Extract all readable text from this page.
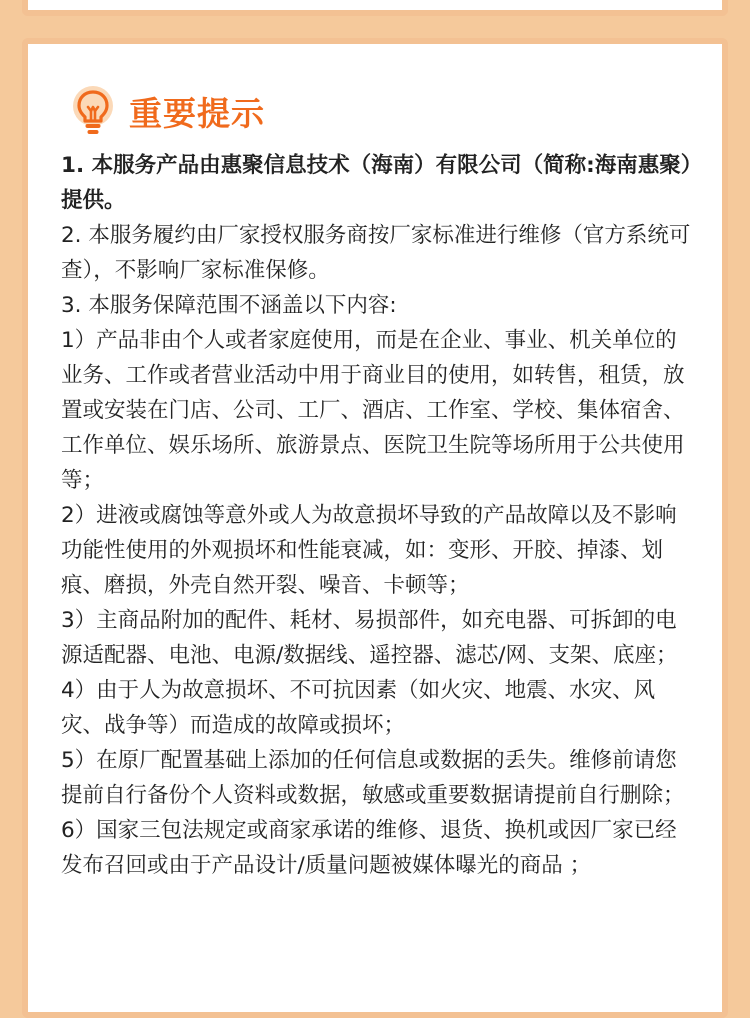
重要提示

1. 本服务产品由惠聚信息技术（海南）有限公司（简称:海南惠聚）提供。

2. 本服务履约由厂家授权服务商按厂家标准进行维修（官方系统可查），不影响厂家标准保修。

3. 本服务保障范围不涵盖以下内容:

1）产品非由个人或者家庭使用，而是在企业、事业、机关单位的业务、工作或者营业活动中用于商业目的使用，如转售，租赁，放置或安装在门店、公司、工厂、酒店、工作室、学校、集体宿舍、工作单位、娱乐场所、旅游景点、医院卫生院等场所用于公共使用等；

2）进液或腐蚀等意外或人为故意损坏导致的产品故障以及不影响功能性使用的外观损坏和性能衰减，如：变形、开胶、掉漆、划痕、磨损，外壳自然开裂、噪音、卡顿等；

3）主商品附加的配件、耗材、易损部件，如充电器、可拆卸的电源适配器、电池、电源/数据线、遥控器、滤芯/网、支架、底座；

4）由于人为故意损坏、不可抗因素（如火灾、地震、水灾、风灾、战争等）而造成的故障或损坏；

5）在原厂配置基础上添加的任何信息或数据的丢失。维修前请您提前自行备份个人资料或数据，敏感或重要数据请提前自行删除；

6）国家三包法规定或商家承诺的维修、退货、换机或因厂家已经发布召回或由于产品设计/质量问题被媒体曝光的商品 ；
